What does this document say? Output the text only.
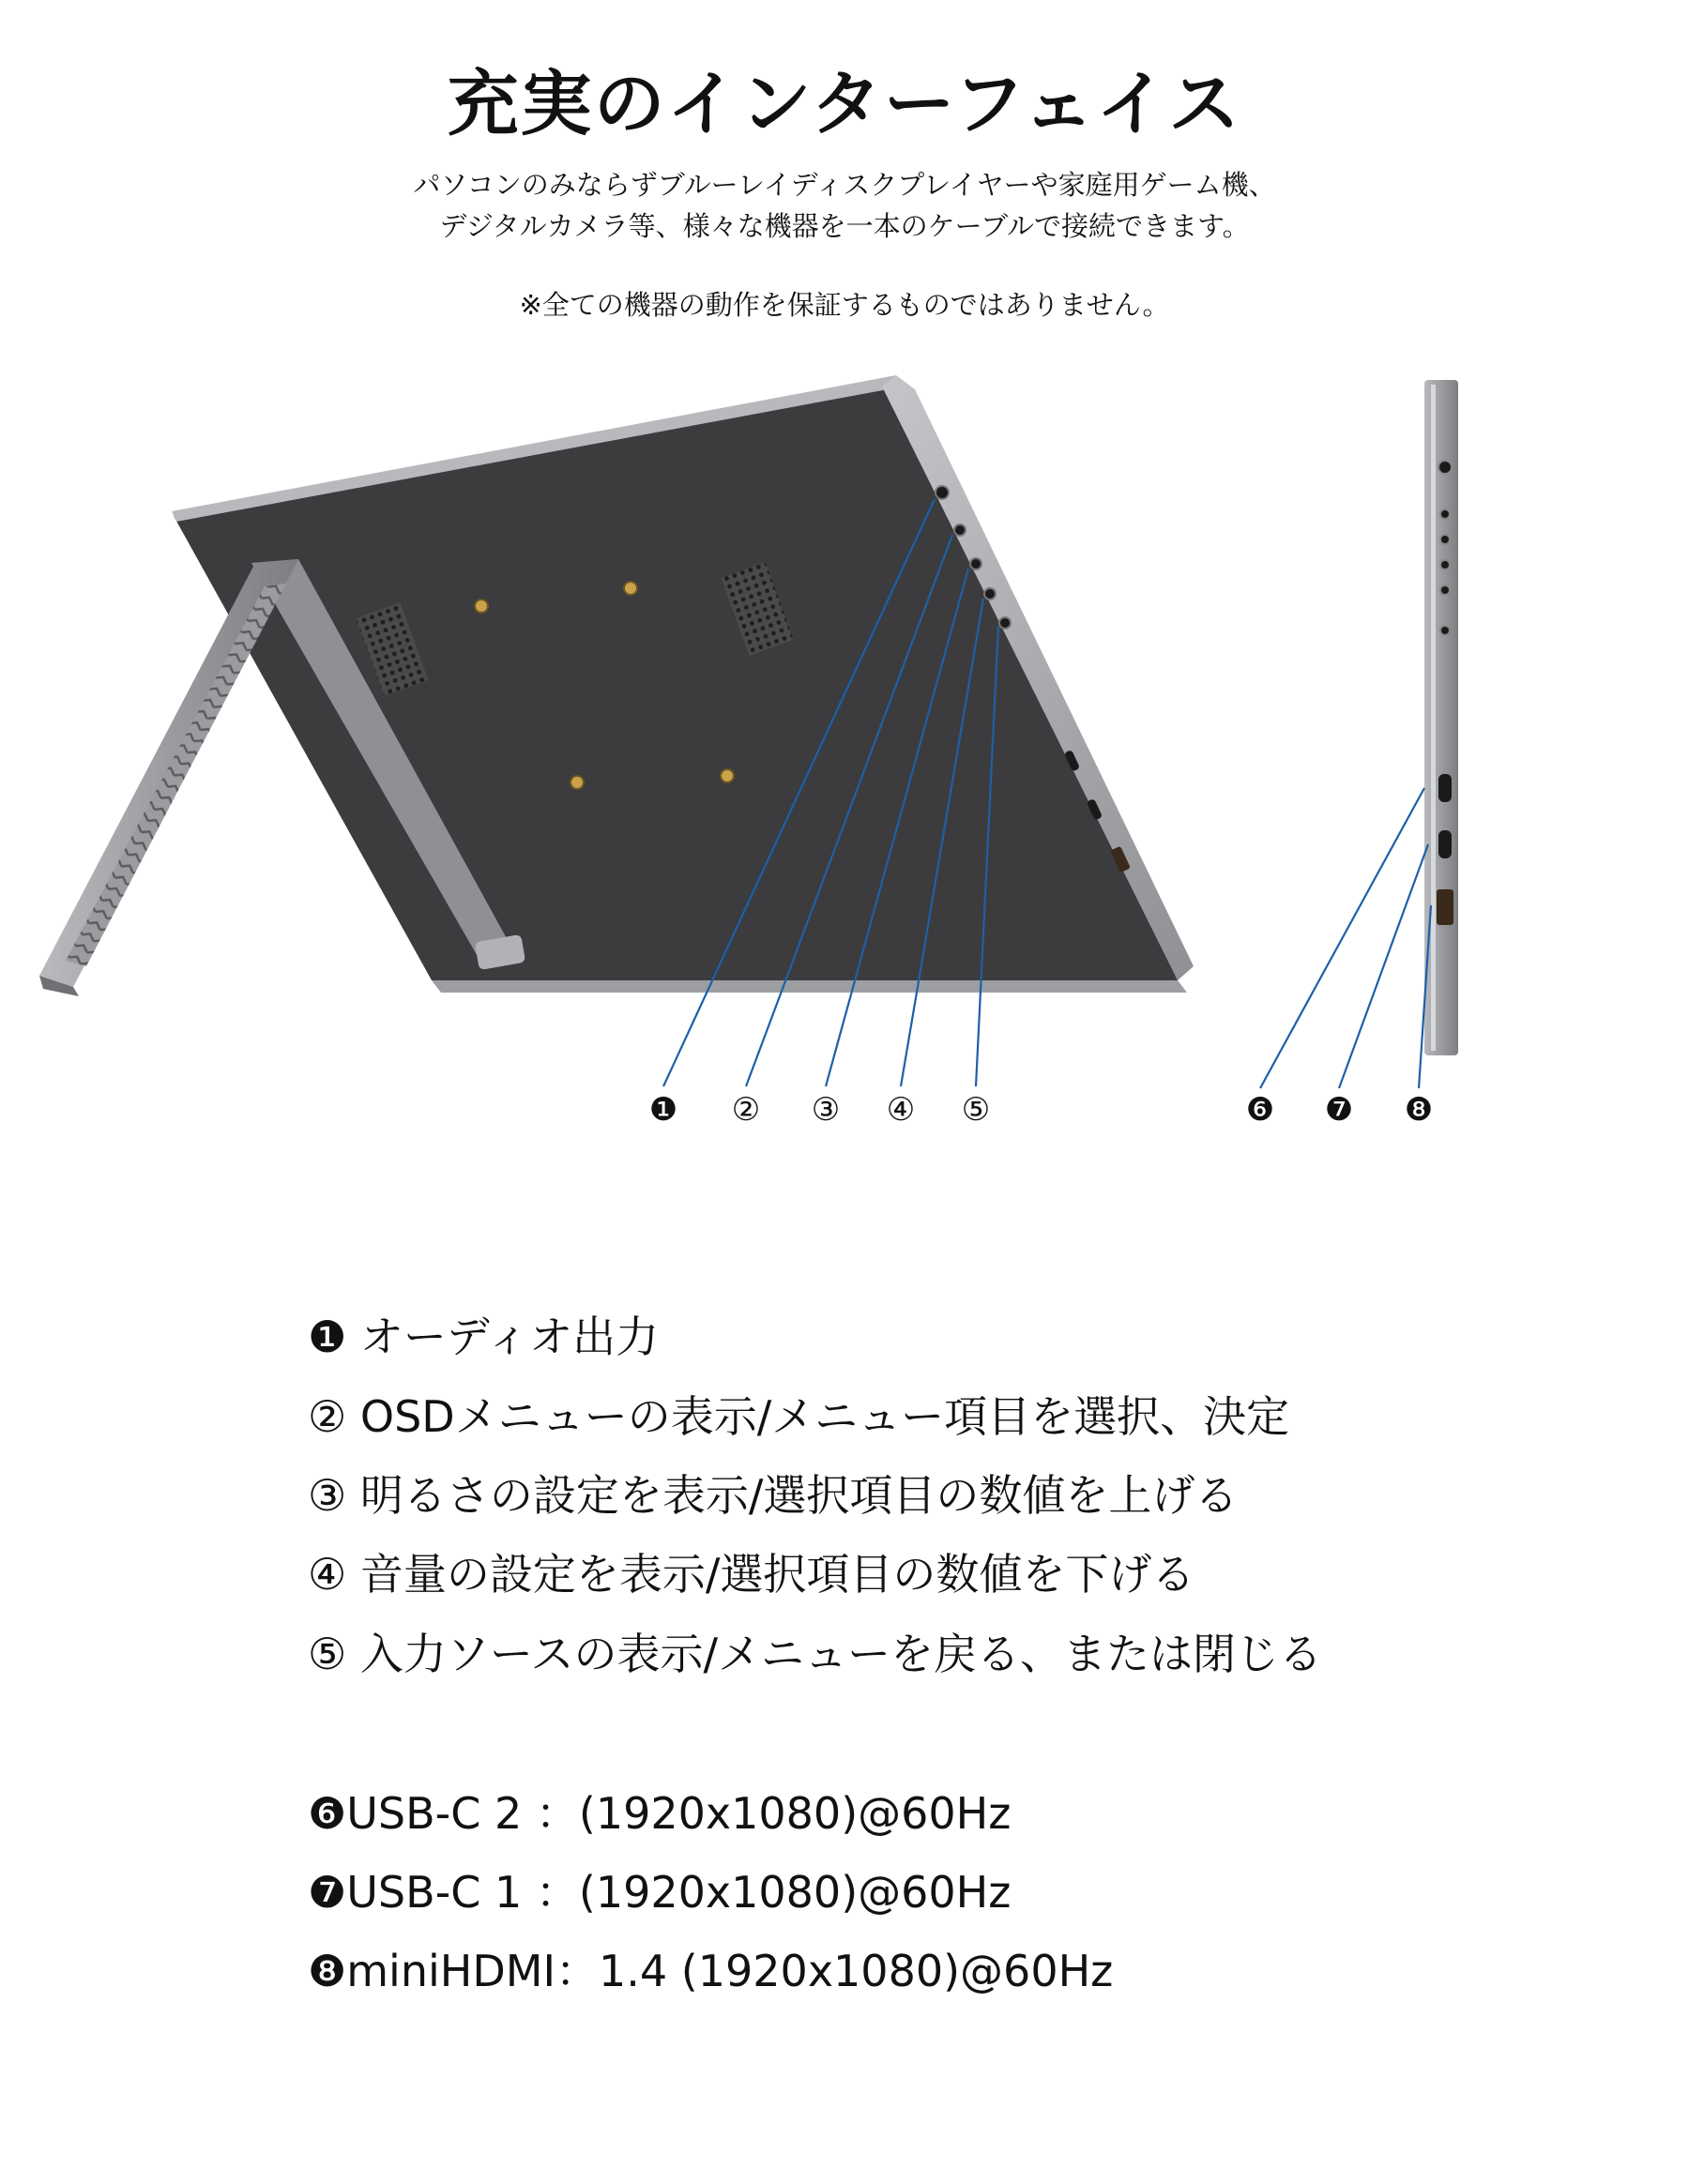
充実のインターフェイス
パソコンのみならずブルーレイディスクプレイヤーや家庭用ゲーム機、
デジタルカメラ等、様々な機器を一本のケーブルで接続できます。
※全ての機器の動作を保証するものではありません。
❶ ② ③ ④ ⑤	❻ ❼ ❽
❶ オーディオ出力
② OSDメニューの表示/メニュー項目を選択、決定
③ 明るさの設定を表示/選択項目の数値を上げる
④ 音量の設定を表示/選択項目の数値を下げる
⑤ 入力ソースの表示/メニューを戻る、または閉じる
❻USB-C 2 ：(1920x1080)@60Hz
❼USB-C 1 ：(1920x1080)@60Hz
❽miniHDMI：1.4 (1920x1080)@60Hz
